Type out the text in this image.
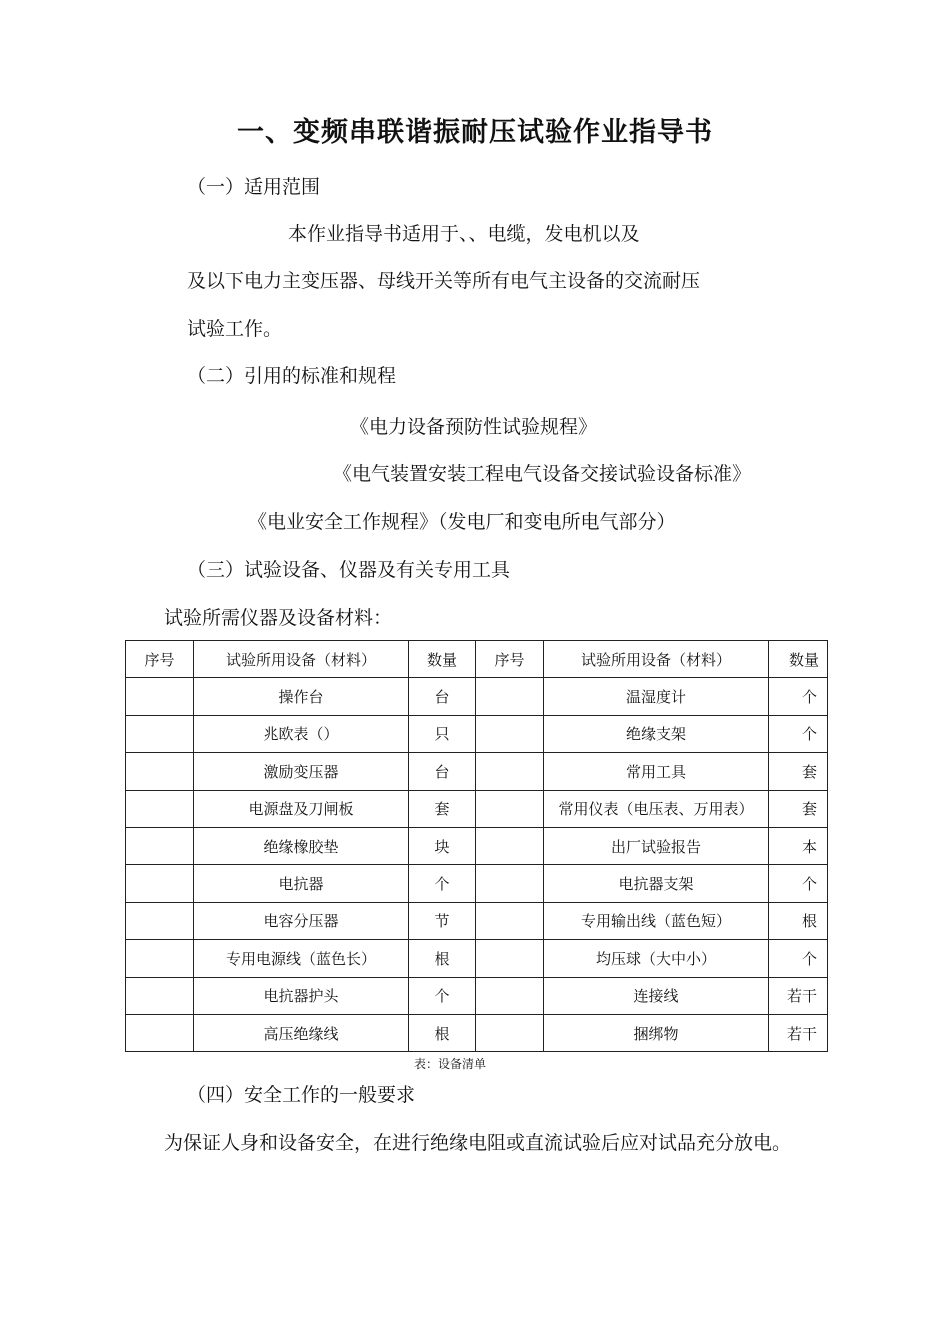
一、变频串联谐振耐压试验作业指导书
（一）适用范围
本作业指导书适用于、、电缆，发电机以及
及以下电力主变压器、母线开关等所有电气主设备的交流耐压
试验工作。
（二）引用的标准和规程
《电力设备预防性试验规程》
《电气装置安装工程电气设备交接试验设备标准》
《电业安全工作规程》（发电厂和变电所电气部分）
（三）试验设备、仪器及有关专用工具
试验所需仪器及设备材料：
序号	试验所用设备（材料）	数量	序号	试验所用设备（材料）	数量
	操作台	台		温湿度计	个
	兆欧表（）	只		绝缘支架	个
	激励变压器	台		常用工具	套
	电源盘及刀闸板	套		常用仪表（电压表、万用表）	套
	绝缘橡胶垫	块		出厂试验报告	本
	电抗器	个		电抗器支架	个
	电容分压器	节		专用输出线（蓝色短）	根
	专用电源线（蓝色长）	根		均压球（大中小）	个
	电抗器护头	个		连接线	若干
	高压绝缘线	根		捆绑物	若干
表：设备清单
（四）安全工作的一般要求
为保证人身和设备安全，在进行绝缘电阻或直流试验后应对试品充分放电。
